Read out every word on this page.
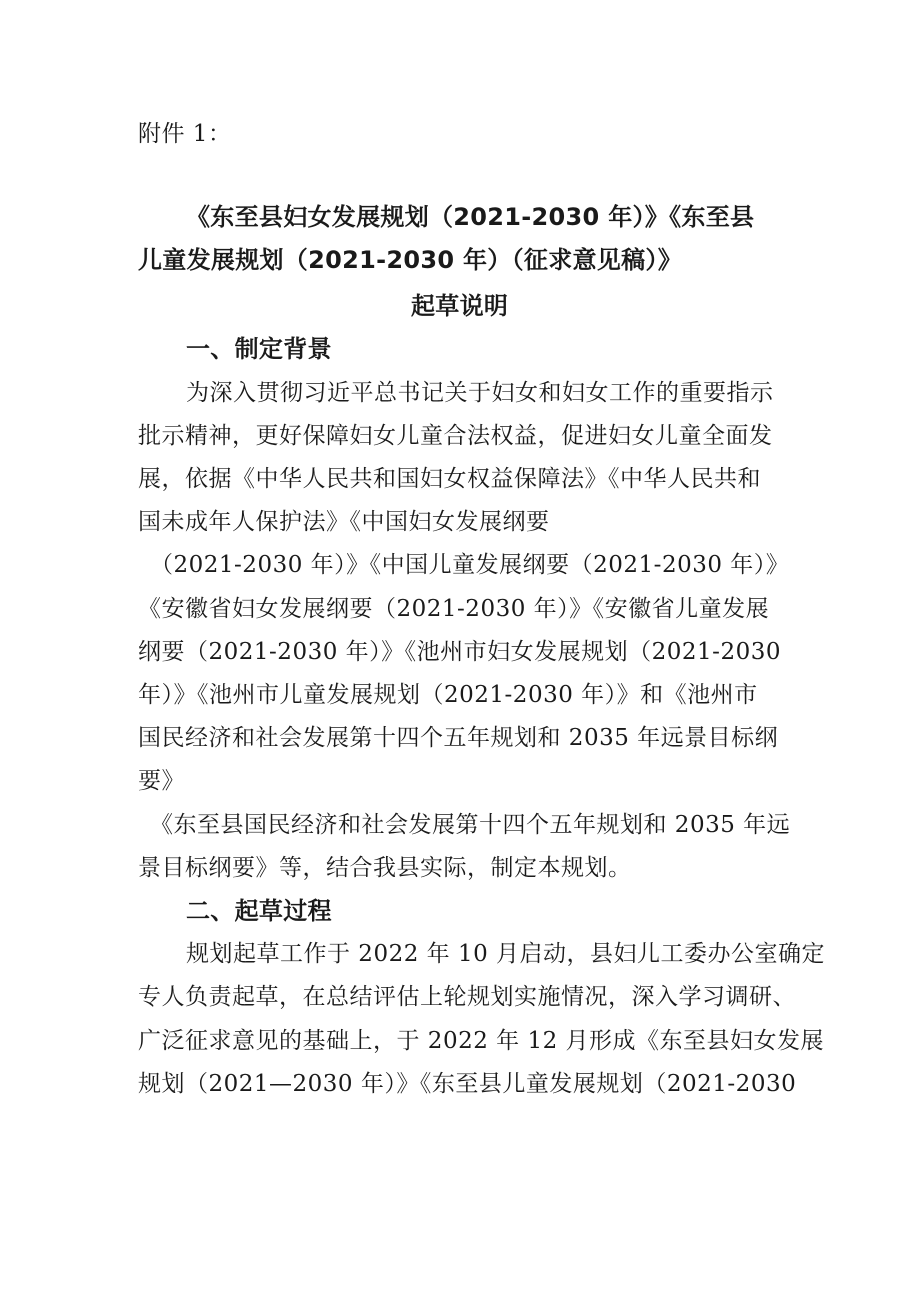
附件 1：
《东至县妇女发展规划（2021-2030 年）》《东至县
儿童发展规划（2021-2030 年）（征求意见稿）》
起草说明
一、制定背景
为深入贯彻习近平总书记关于妇女和妇女工作的重要指示
批示精神，更好保障妇女儿童合法权益，促进妇女儿童全面发
展，依据《中华人民共和国妇女权益保障法》《中华人民共和
国未成年人保护法》《中国妇女发展纲要
（2021-2030 年）》《中国儿童发展纲要（2021-2030 年）》
《安徽省妇女发展纲要（2021-2030 年）》《安徽省儿童发展
纲要（2021-2030 年）》《池州市妇女发展规划（2021-2030
年）》《池州市儿童发展规划（2021-2030 年）》和《池州市
国民经济和社会发展第十四个五年规划和 2035 年远景目标纲
要》
《东至县国民经济和社会发展第十四个五年规划和 2035 年远
景目标纲要》等，结合我县实际，制定本规划。
二、起草过程
规划起草工作于 2022 年 10 月启动，县妇儿工委办公室确定
专人负责起草，在总结评估上轮规划实施情况，深入学习调研、
广泛征求意见的基础上，于 2022 年 12 月形成《东至县妇女发展
规划（2021—2030 年）》《东至县儿童发展规划（2021-2030
